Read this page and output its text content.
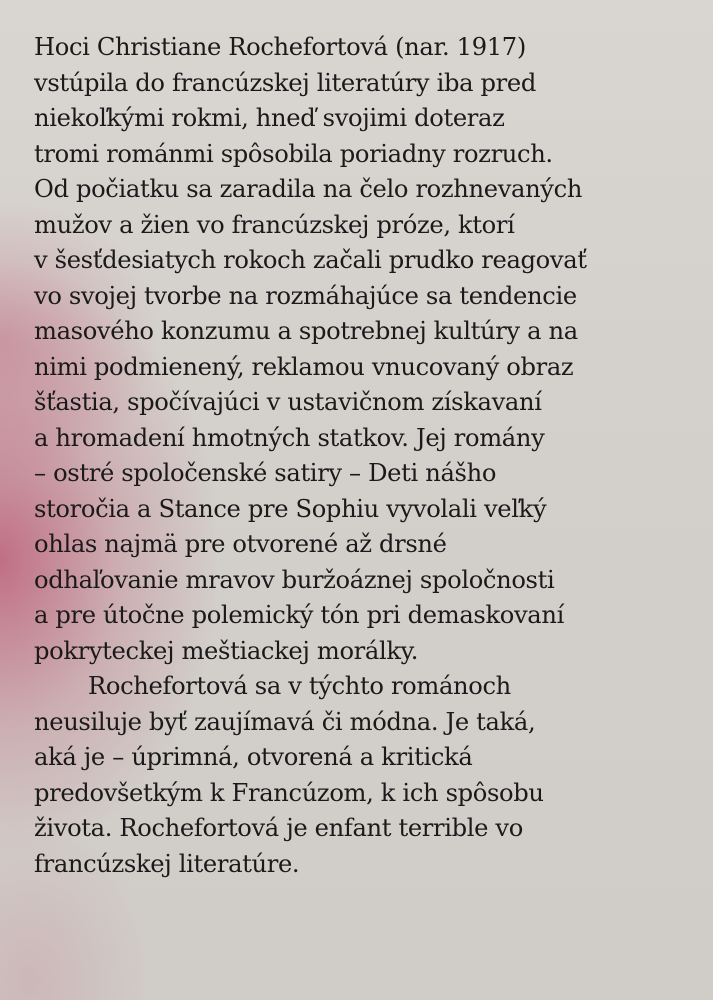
Hoci Christiane Rochefortová (nar. 1917)
vstúpila do francúzskej literatúry iba pred
niekoľkými rokmi, hneď svojimi doteraz
tromi románmi spôsobila poriadny rozruch.
Od počiatku sa zaradila na čelo rozhnevaných
mužov a žien vo francúzskej próze, ktorí
v šesťdesiatych rokoch začali prudko reagovať
vo svojej tvorbe na rozmáhajúce sa tendencie
masového konzumu a spotrebnej kultúry a na
nimi podmienený, reklamou vnucovaný obraz
šťastia, spočívajúci v ustavičnom získavaní
a hromadení hmotných statkov. Jej romány
– ostré spoločenské satiry – Deti nášho
storočia a Stance pre Sophiu vyvolali veľký
ohlas najmä pre otvorené až drsné
odhaľovanie mravov buržoáznej spoločnosti
a pre útočne polemický tón pri demaskovaní
pokryteckej meštiackej morálky.
Rochefortová sa v týchto románoch
neusiluje byť zaujímavá či módna. Je taká,
aká je – úprimná, otvorená a kritická
predovšetkým k Francúzom, k ich spôsobu
života. Rochefortová je enfant terrible vo
francúzskej literatúre.
